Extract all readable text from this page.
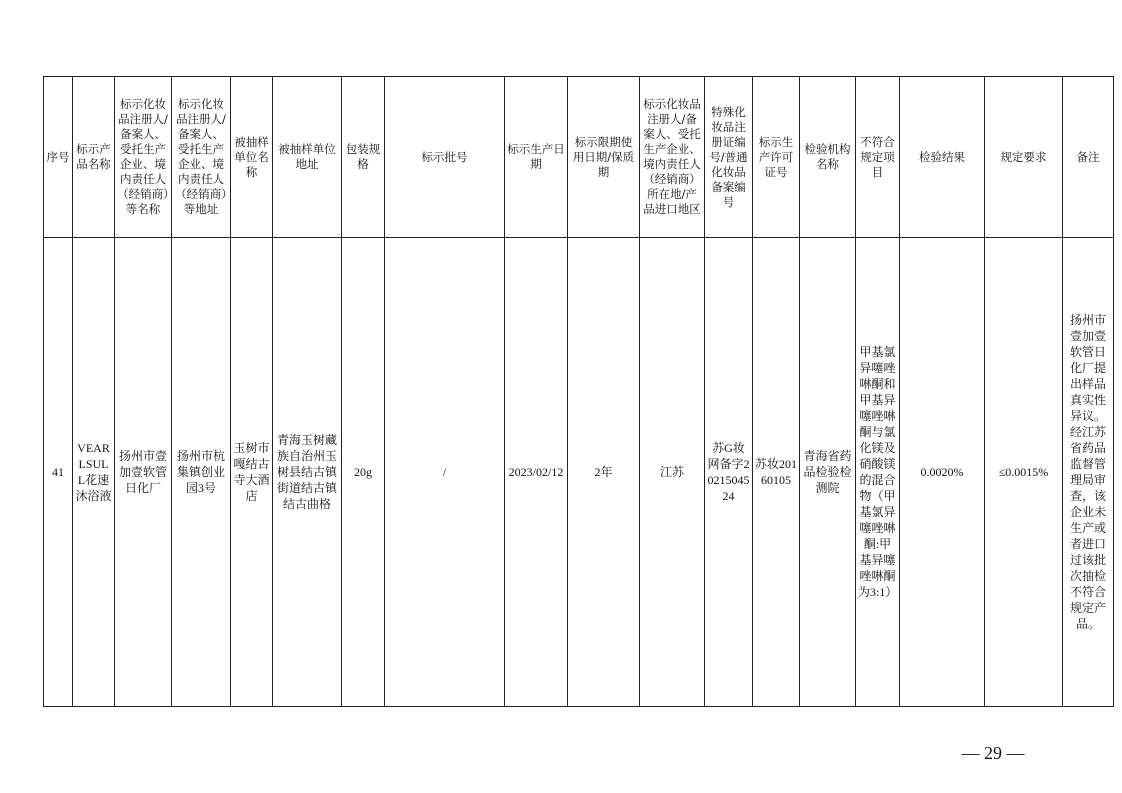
序号	标示产品名称	标示化妆品注册人/备案人、受托生产企业、境内责任人（经销商）等名称	标示化妆品注册人/备案人、受托生产企业、境内责任人（经销商）等地址	被抽样单位名称	被抽样单位地址	包装规格	标示批号	标示生产日期	标示限期使用日期/保质期	标示化妆品注册人/备案人、受托生产企业、境内责任人（经销商）所在地/产品进口地区	特殊化妆品注册证编号/普通化妆品备案编号	标示生产许可证号	检验机构名称	不符合规定项目	检验结果	规定要求	备注
41	VEARLSULL花速沐浴液	扬州市壹加壹软管日化厂	扬州市杭集镇创业园3号	玉树市嘎结古寺大酒店	青海玉树藏族自治州玉树县结古镇街道结古镇结古曲格	20g	/	2023/02/12	2年	江苏	苏G妆网备字2021504524	苏妆20160105	青海省药品检验检测院	甲基氯异噻唑啉酮和甲基异噻唑啉酮与氯化镁及硝酸镁的混合物（甲基氯异噻唑啉酮:甲基异噻唑啉酮为3:1）	0.0020%	≤0.0015%	扬州市壹加壹软管日化厂提出样品真实性异议。经江苏省药品监督管理局审查，该企业未生产或者进口过该批次抽检不符合规定产品。
— 29 —
